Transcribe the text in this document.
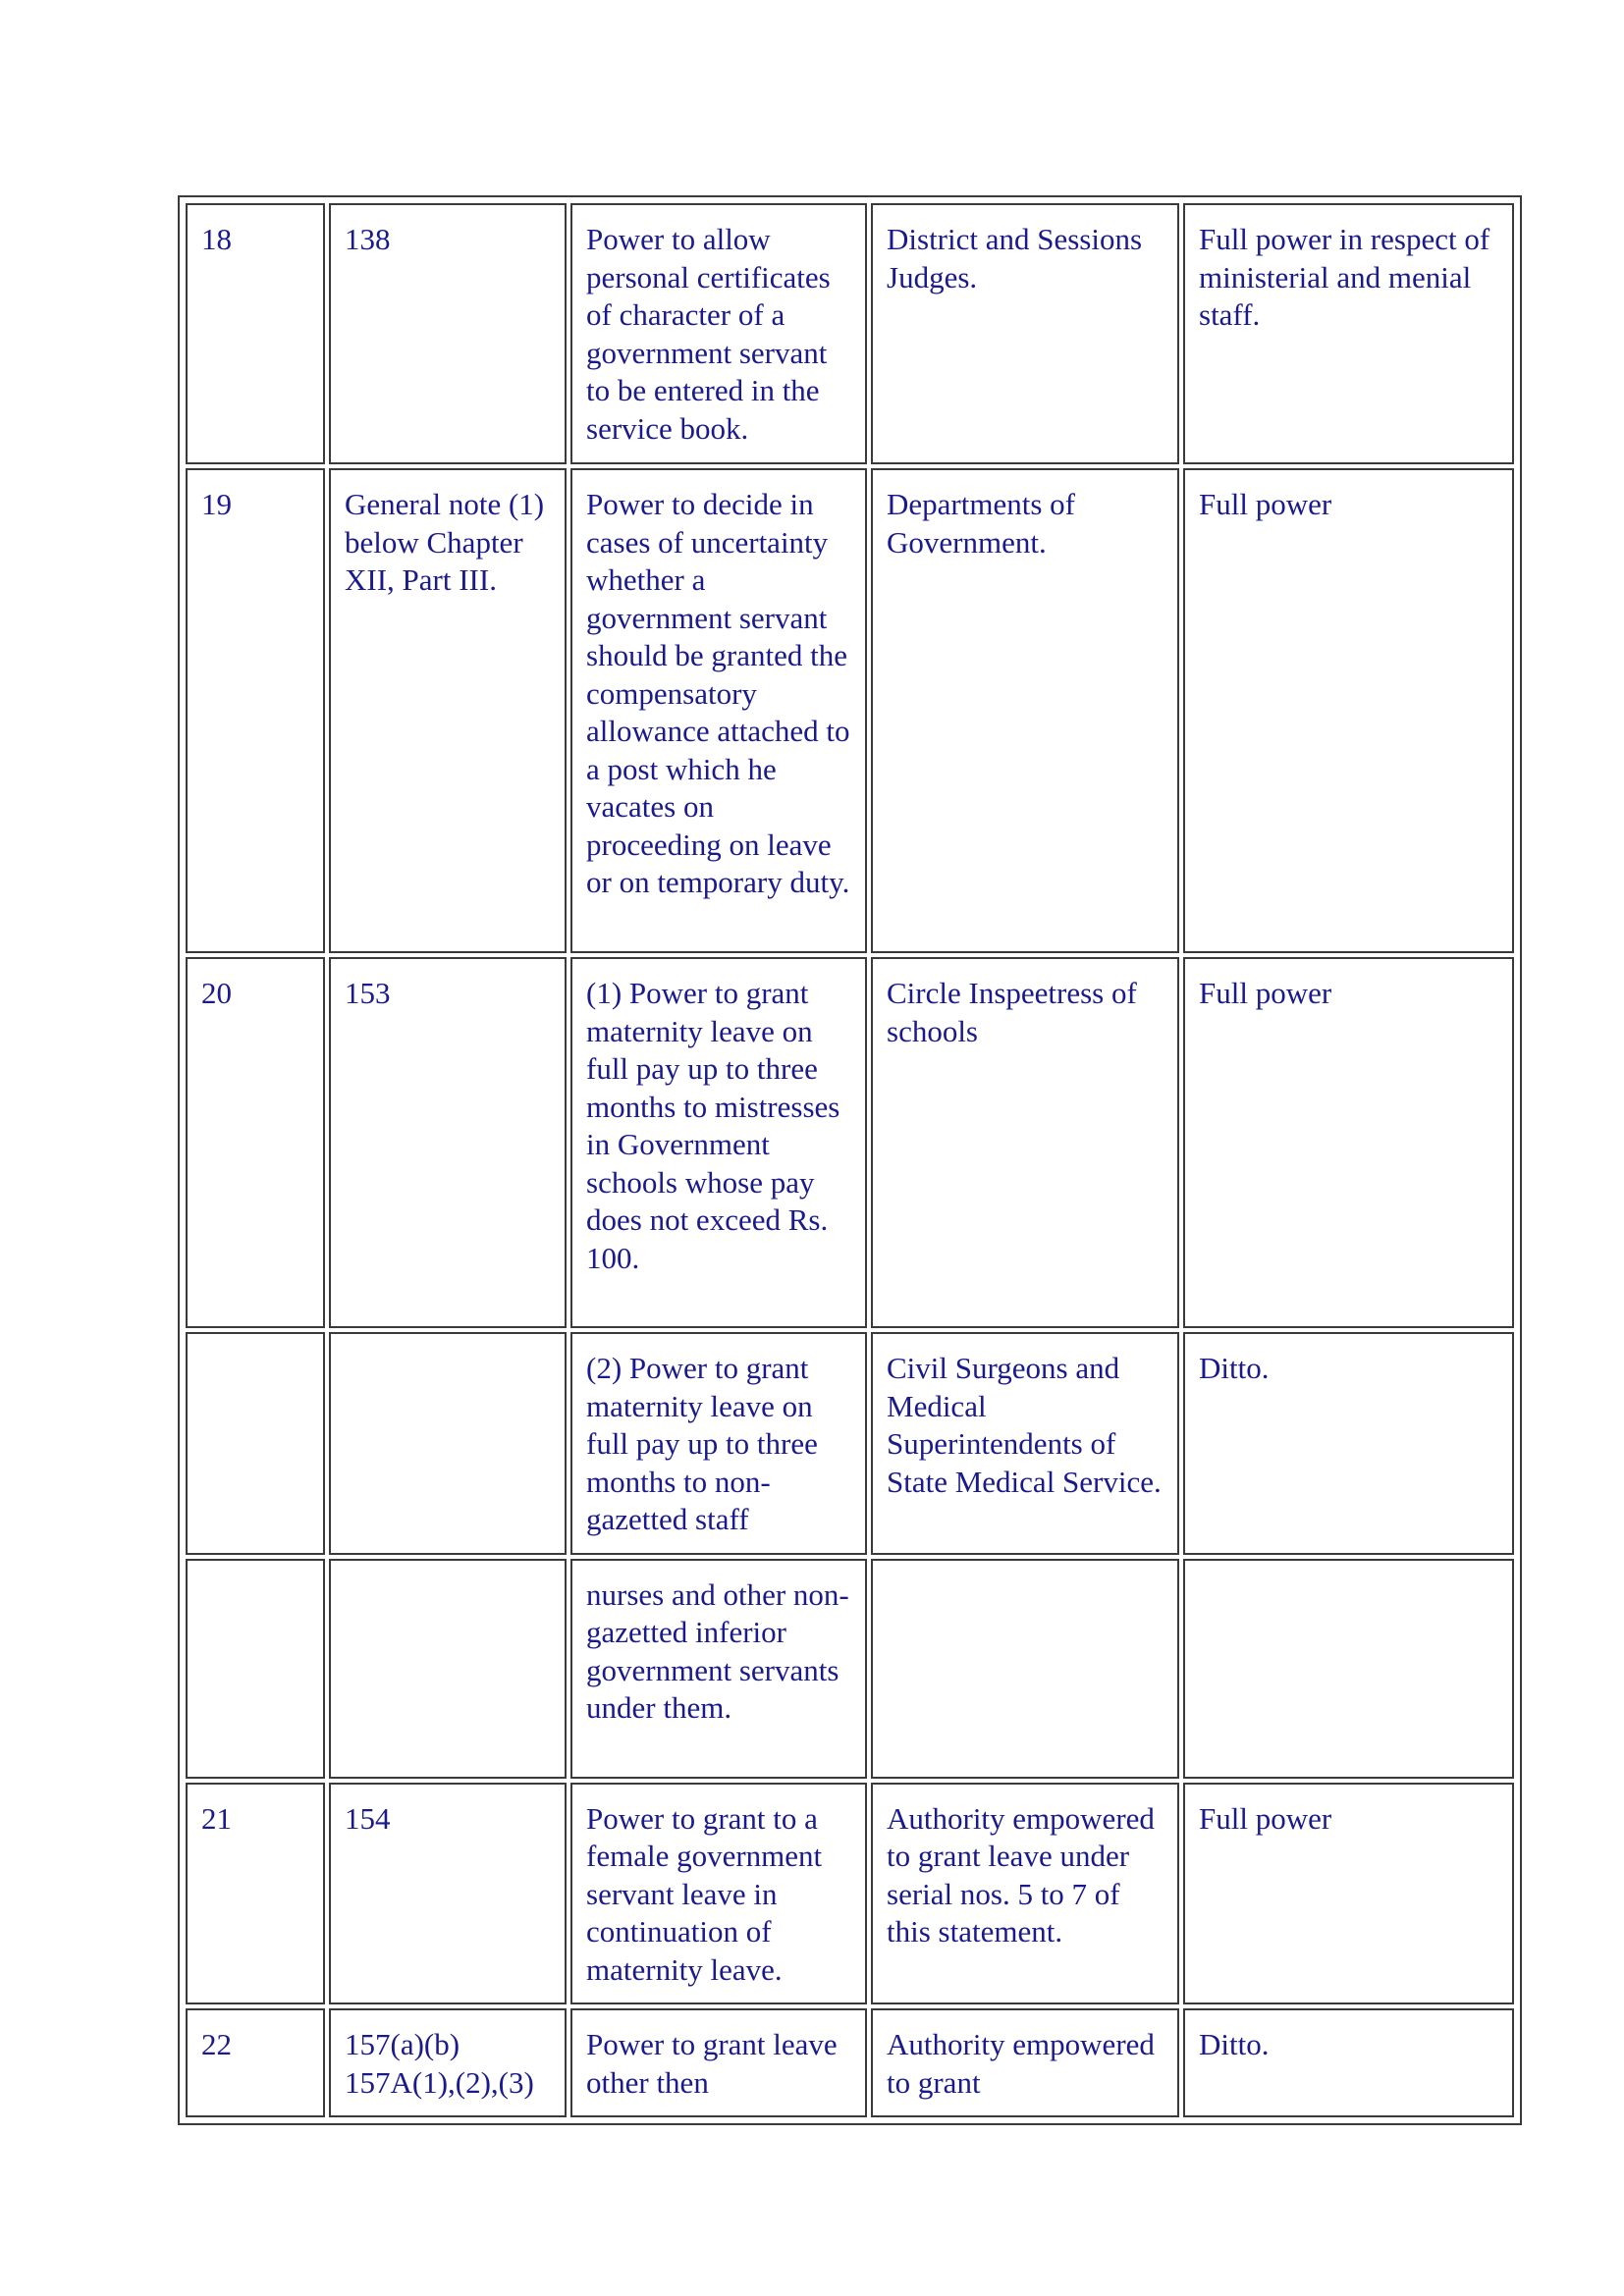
18	138	Power to allow personal certificates of character of a government servant to be entered in the service book.	District and Sessions Judges.	Full power in respect of ministerial and menial staff.
19	General note (1) below Chapter XII, Part III.	Power to decide in cases of uncertainty whether a government servant should be granted the compensatory allowance attached to a post which he vacates on proceeding on leave or on temporary duty.	Departments of Government.	Full power
20	153	(1) Power to grant maternity leave on full pay up to three months to mistresses in Government schools whose pay does not exceed Rs. 100.	Circle Inspeetress of schools	Full power
		(2) Power to grant maternity leave on full pay up to three months to non-gazetted staff	Civil Surgeons and Medical Superintendents of State Medical Service.	Ditto.
		nurses and other non-gazetted inferior government servants under them.		
21	154	Power to grant to a female government servant leave in continuation of maternity leave.	Authority empowered to grant leave under serial nos. 5 to 7 of this statement.	Full power
22	157(a)(b) 157A(1),(2),(3)	Power to grant leave other then	Authority empowered to grant	Ditto.
